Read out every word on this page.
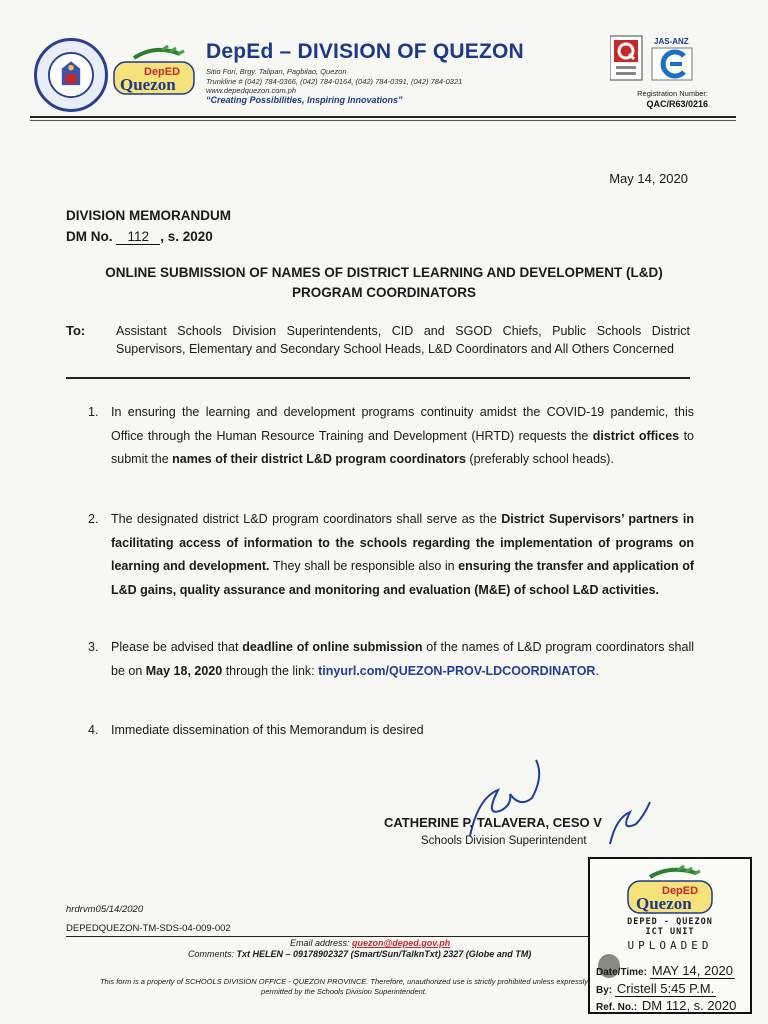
DepED
Quezon
DepEd – DIVISION OF QUEZON
Sitio Fori, Brgy. Talipan, Pagbilao, Quezon
Trunkline # (042) 784-0366, (042) 784-0164, (042) 784-0391, (042) 784-0321
www.depedquezon.com.ph
“Creating Possibilities, Inspiring Innovations”
JAS-ANZ
Registration Number:
QAC/R63/0216
May 14, 2020
DIVISION MEMORANDUM
DM No. 112 , s. 2020
ONLINE SUBMISSION OF NAMES OF DISTRICT LEARNING AND DEVELOPMENT (L&D)
PROGRAM COORDINATORS
To: Assistant Schools Division Superintendents, CID and SGOD Chiefs, Public Schools District Supervisors, Elementary and Secondary School Heads, L&D Coordinators and All Others Concerned
1. In ensuring the learning and development programs continuity amidst the COVID-19 pandemic, this Office through the Human Resource Training and Development (HRTD) requests the district offices to submit the names of their district L&D program coordinators (preferably school heads).
2. The designated district L&D program coordinators shall serve as the District Supervisors’ partners in facilitating access of information to the schools regarding the implementation of programs on learning and development. They shall be responsible also in ensuring the transfer and application of L&D gains, quality assurance and monitoring and evaluation (M&E) of school L&D activities.
3. Please be advised that deadline of online submission of the names of L&D program coordinators shall be on May 18, 2020 through the link: tinyurl.com/QUEZON-PROV-LDCOORDINATOR.
4. Immediate dissemination of this Memorandum is desired
CATHERINE P. TALAVERA, CESO V
Schools Division Superintendent
hrdrvm05/14/2020
DEPEDQUEZON-TM-SDS-04-009-002
Email address: quezon@deped.gov.ph
Comments: Txt HELEN – 09178902327 (Smart/Sun/TalknTxt) 2327 (Globe and TM)
This form is a property of SCHOOLS DIVISION OFFICE - QUEZON PROVINCE. Therefore, unauthorized use is strictly prohibited unless expressly permitted by the Schools Division Superintendent.
DepED
Quezon
DEPED - QUEZON
ICT UNIT
UPLOADED
Date/Time: MAY 14, 2020
By: Cristell 5:45 P.M.
Ref. No.: DM 112, s. 2020
